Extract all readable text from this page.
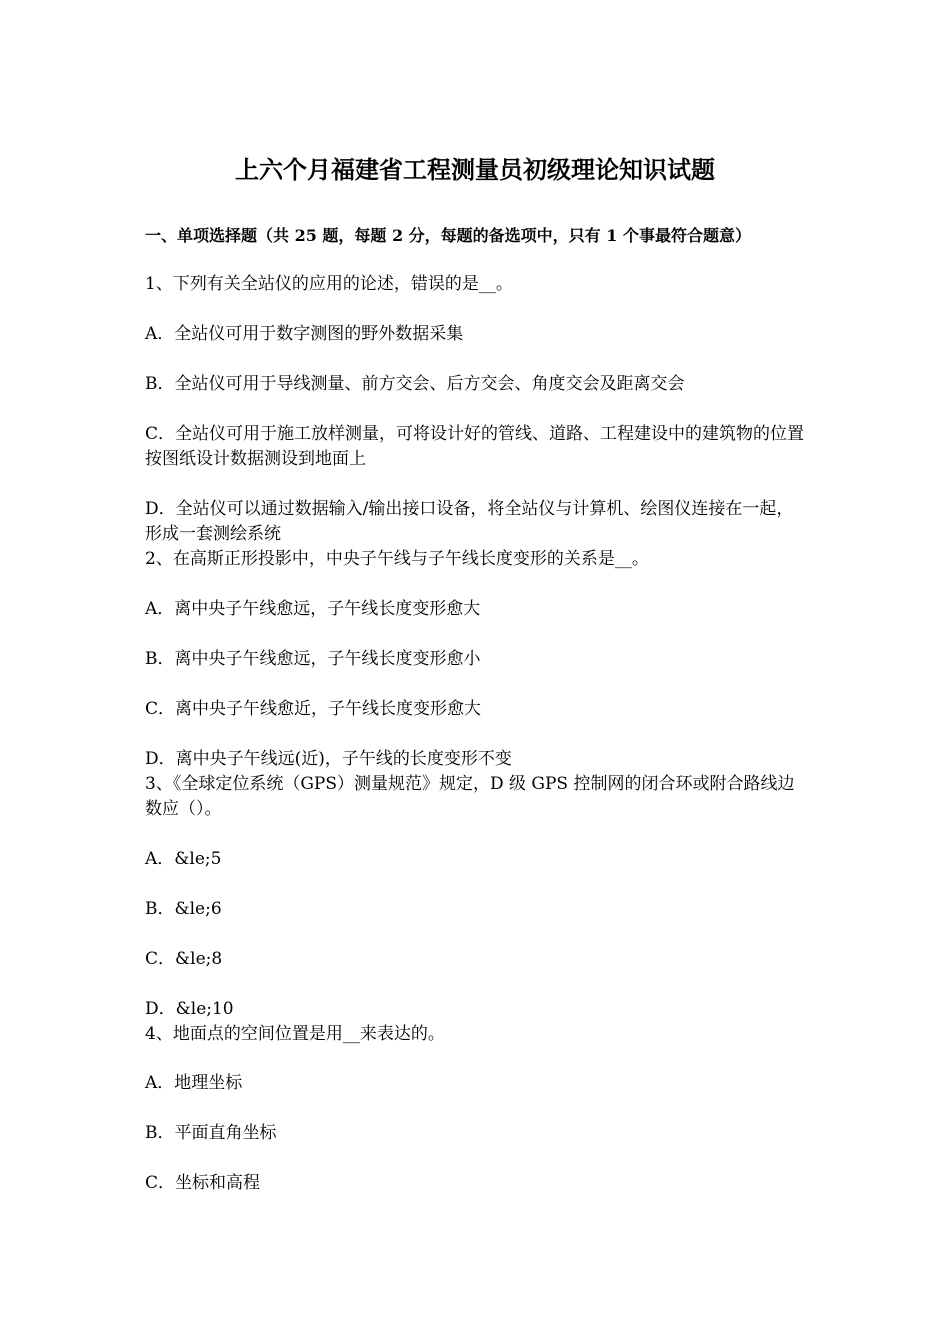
上六个月福建省工程测量员初级理论知识试题

一、单项选择题（共 25 题，每题 2 分，每题的备选项中，只有 1 个事最符合题意）

1、下列有关全站仪的应用的论述，错误的是__。

A．全站仪可用于数字测图的野外数据采集

B．全站仪可用于导线测量、前方交会、后方交会、角度交会及距离交会

C．全站仪可用于施工放样测量，可将设计好的管线、道路、工程建设中的建筑物的位置按图纸设计数据测设到地面上

D．全站仪可以通过数据输入/输出接口设备，将全站仪与计算机、绘图仪连接在一起，形成一套测绘系统

2、在高斯正形投影中，中央子午线与子午线长度变形的关系是__。

A．离中央子午线愈远，子午线长度变形愈大

B．离中央子午线愈远，子午线长度变形愈小

C．离中央子午线愈近，子午线长度变形愈大

D．离中央子午线远(近)，子午线的长度变形不变

3、《全球定位系统（GPS）测量规范》规定，D 级 GPS 控制网的闭合环或附合路线边数应（）。

A．&le;5

B．&le;6

C．&le;8

D．&le;10

4、地面点的空间位置是用__来表达的。

A．地理坐标

B．平面直角坐标

C．坐标和高程
